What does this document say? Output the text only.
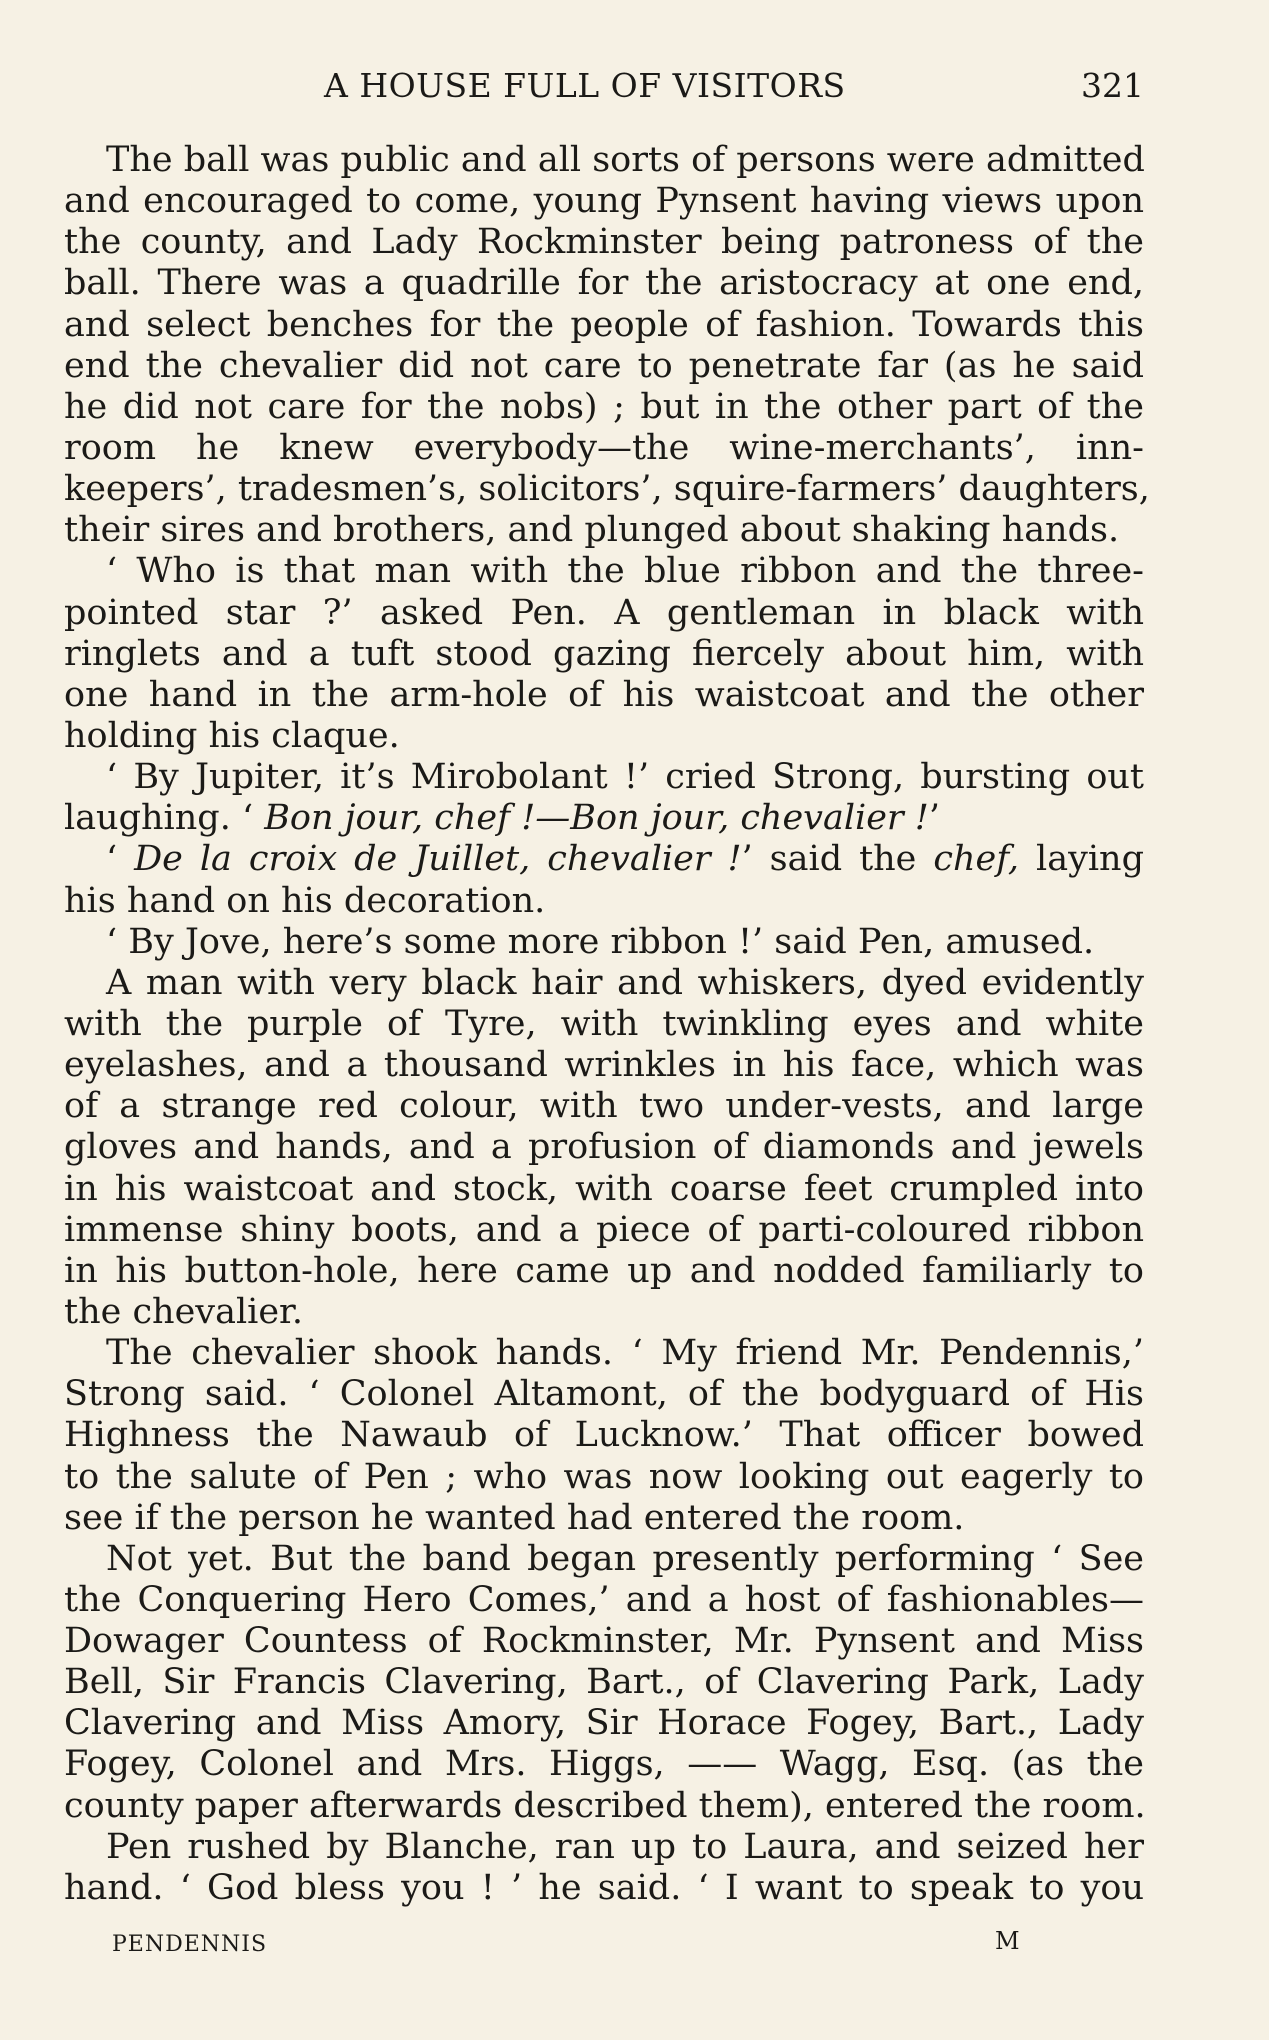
A HOUSE FULL OF VISITORS	321
The ball was public and all sorts of persons were admitted
and encouraged to come, young Pynsent having views upon
the county, and Lady Rockminster being patroness of the
ball. There was a quadrille for the aristocracy at one end,
and select benches for the people of fashion. Towards this
end the chevalier did not care to penetrate far (as he said
he did not care for the nobs) ; but in the other part of the
room he knew everybody—the wine-merchants’, inn-
keepers’, tradesmen’s, solicitors’, squire-farmers’ daughters,
their sires and brothers, and plunged about shaking hands.
‘ Who is that man with the blue ribbon and the three-
pointed star ?’ asked Pen. A gentleman in black with
ringlets and a tuft stood gazing fiercely about him, with
one hand in the arm-hole of his waistcoat and the other
holding his claque.
‘ By Jupiter, it’s Mirobolant !’ cried Strong, bursting out
laughing. ‘ Bon jour, chef !—Bon jour, chevalier !’
‘ De la croix de Juillet, chevalier !’ said the chef, laying
his hand on his decoration.
‘ By Jove, here’s some more ribbon !’ said Pen, amused.
A man with very black hair and whiskers, dyed evidently
with the purple of Tyre, with twinkling eyes and white
eyelashes, and a thousand wrinkles in his face, which was
of a strange red colour, with two under-vests, and large
gloves and hands, and a profusion of diamonds and jewels
in his waistcoat and stock, with coarse feet crumpled into
immense shiny boots, and a piece of parti-coloured ribbon
in his button-hole, here came up and nodded familiarly to
the chevalier.
The chevalier shook hands. ‘ My friend Mr. Pendennis,’
Strong said. ‘ Colonel Altamont, of the bodyguard of His
Highness the Nawaub of Lucknow.’ That officer bowed
to the salute of Pen ; who was now looking out eagerly to
see if the person he wanted had entered the room.
Not yet. But the band began presently performing ‘ See
the Conquering Hero Comes,’ and a host of fashionables—
Dowager Countess of Rockminster, Mr. Pynsent and Miss
Bell, Sir Francis Clavering, Bart., of Clavering Park, Lady
Clavering and Miss Amory, Sir Horace Fogey, Bart., Lady
Fogey, Colonel and Mrs. Higgs, —— Wagg, Esq. (as the
county paper afterwards described them), entered the room.
Pen rushed by Blanche, ran up to Laura, and seized her
hand. ‘ God bless you ! ’ he said. ‘ I want to speak to you
PENDENNIS	M
